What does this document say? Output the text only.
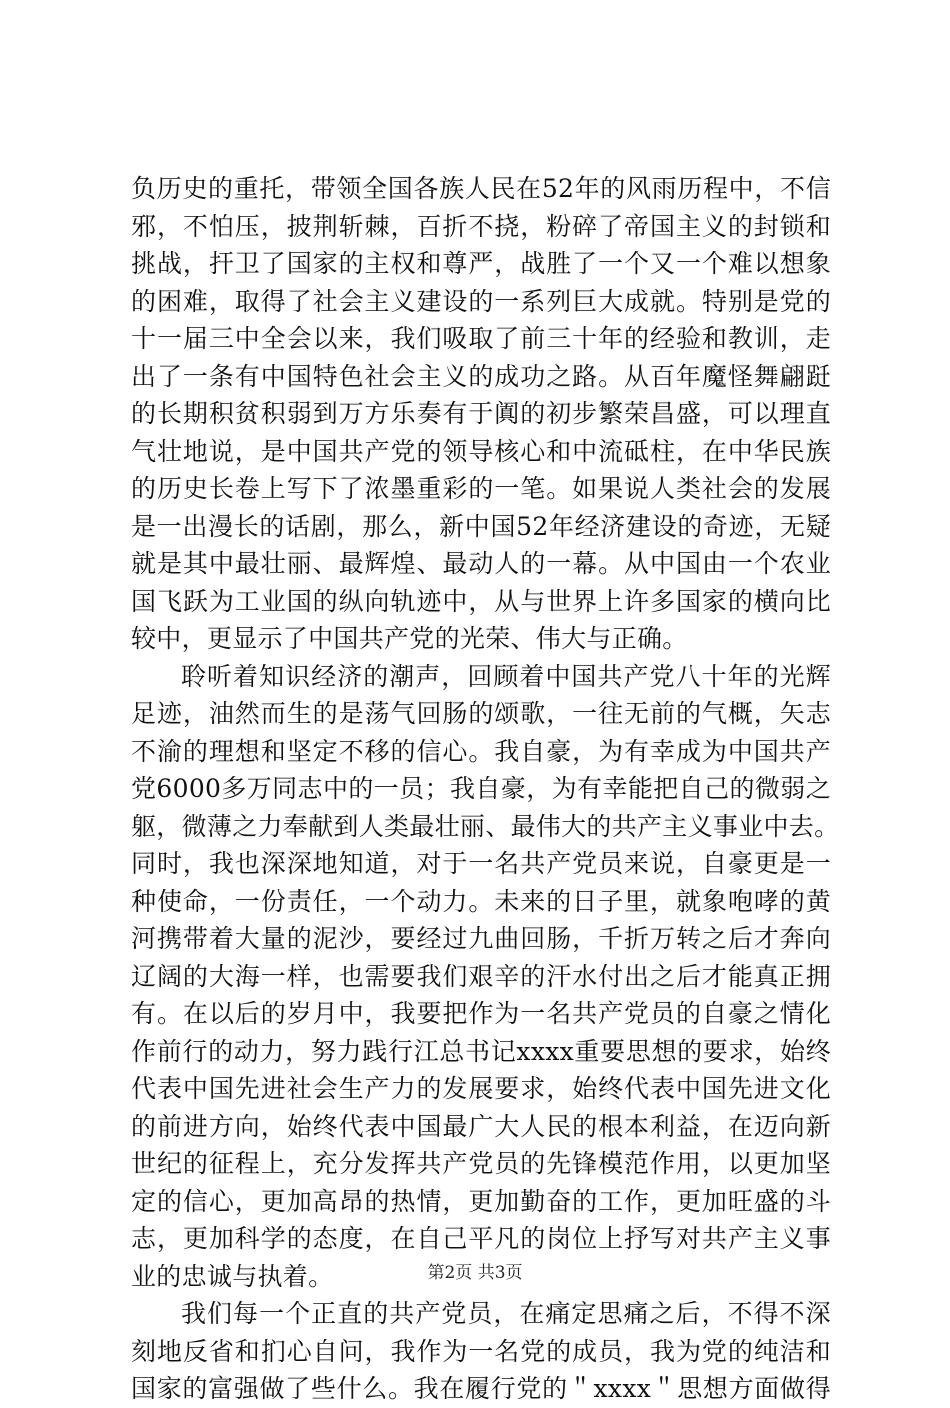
负历史的重托，带领全国各族人民在52年的风雨历程中，不信
邪，不怕压，披荆斩棘，百折不挠，粉碎了帝国主义的封锁和
挑战，扞卫了国家的主权和尊严，战胜了一个又一个难以想象
的困难，取得了社会主义建设的一系列巨大成就。特别是党的
十一届三中全会以来，我们吸取了前三十年的经验和教训，走
出了一条有中国特色社会主义的成功之路。从百年魔怪舞翩跹
的长期积贫积弱到万方乐奏有于阗的初步繁荣昌盛，可以理直
气壮地说，是中国共产党的领导核心和中流砥柱，在中华民族
的历史长卷上写下了浓墨重彩的一笔。如果说人类社会的发展
是一出漫长的话剧，那么，新中国52年经济建设的奇迹，无疑
就是其中最壮丽、最辉煌、最动人的一幕。从中国由一个农业
国飞跃为工业国的纵向轨迹中，从与世界上许多国家的横向比
较中，更显示了中国共产党的光荣、伟大与正确。
聆听着知识经济的潮声，回顾着中国共产党八十年的光辉
足迹，油然而生的是荡气回肠的颂歌，一往无前的气概，矢志
不渝的理想和坚定不移的信心。我自豪，为有幸成为中国共产
党6000多万同志中的一员；我自豪，为有幸能把自己的微弱之
躯，微薄之力奉献到人类最壮丽、最伟大的共产主义事业中去。
同时，我也深深地知道，对于一名共产党员来说，自豪更是一
种使命，一份责任，一个动力。未来的日子里，就象咆哮的黄
河携带着大量的泥沙，要经过九曲回肠，千折万转之后才奔向
辽阔的大海一样，也需要我们艰辛的汗水付出之后才能真正拥
有。在以后的岁月中，我要把作为一名共产党员的自豪之情化
作前行的动力，努力践行江总书记xxxx重要思想的要求，始终
代表中国先进社会生产力的发展要求，始终代表中国先进文化
的前进方向，始终代表中国最广大人民的根本利益，在迈向新
世纪的征程上，充分发挥共产党员的先锋模范作用，以更加坚
定的信心，更加高昂的热情，更加勤奋的工作，更加旺盛的斗
志，更加科学的态度，在自己平凡的岗位上抒写对共产主义事
业的忠诚与执着。
我们每一个正直的共产党员，在痛定思痛之后，不得不深
刻地反省和扪心自问，我作为一名党的成员，我为党的纯洁和
国家的富强做了些什么。我在履行党的＂xxxx＂思想方面做得
第2页 共3页
